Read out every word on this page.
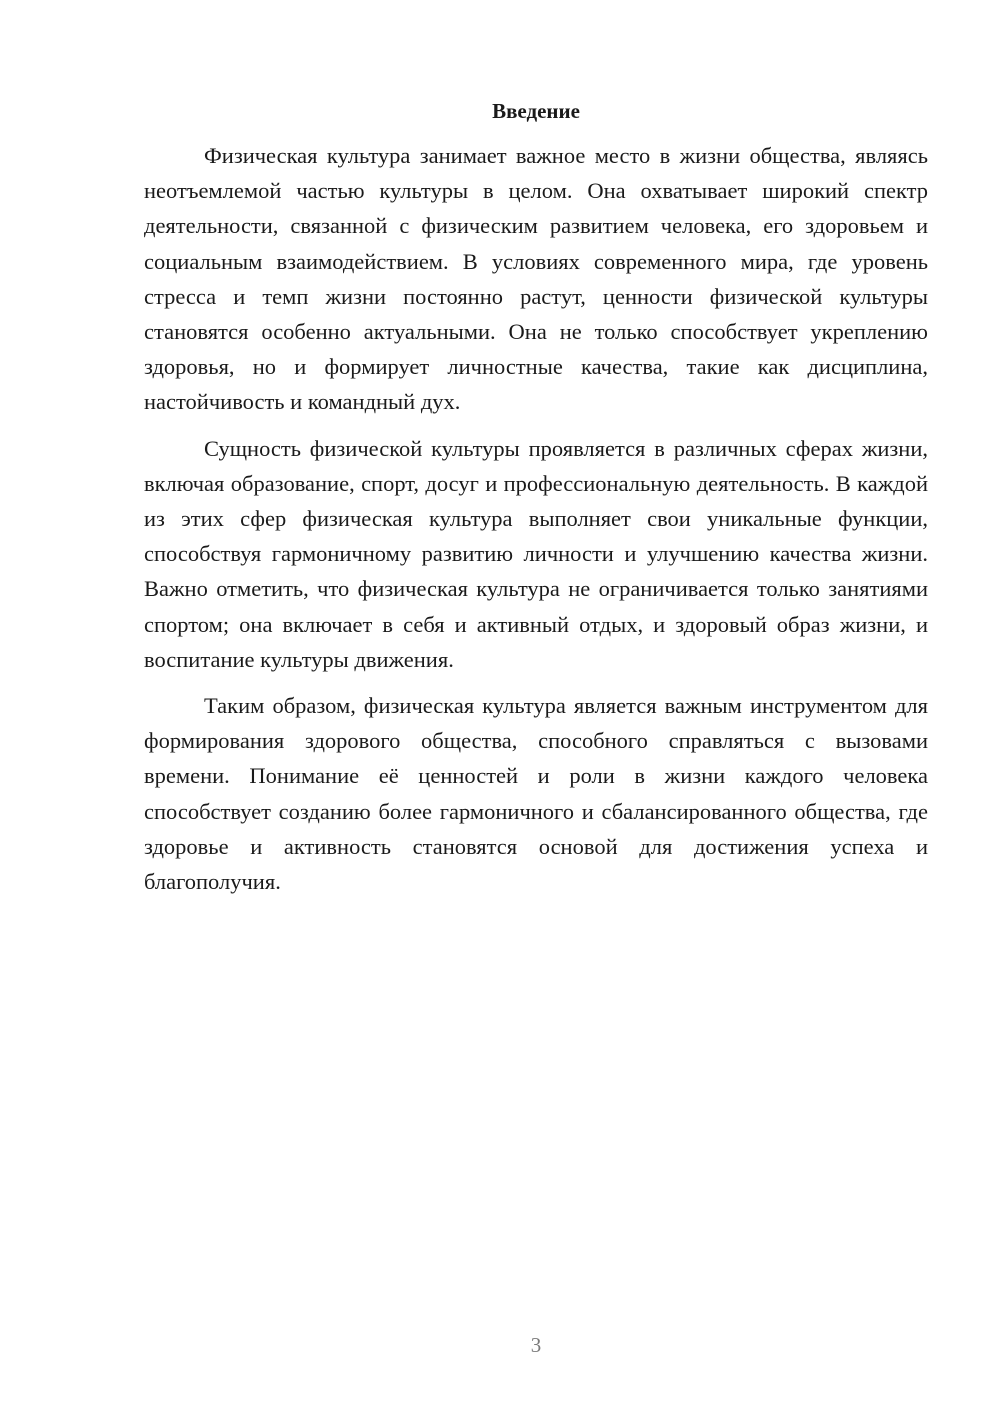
Введение

Физическая культура занимает важное место в жизни общества, являясь неотъемлемой частью культуры в целом. Она охватывает широкий спектр деятельности, связанной с физическим развитием человека, его здоровьем и социальным взаимодействием. В условиях современного мира, где уровень стресса и темп жизни постоянно растут, ценности физической культуры становятся особенно актуальными. Она не только способствует укреплению здоровья, но и формирует личностные качества, такие как дисциплина, настойчивость и командный дух.

Сущность физической культуры проявляется в различных сферах жизни, включая образование, спорт, досуг и профессиональную деятельность. В каждой из этих сфер физическая культура выполняет свои уникальные функции, способствуя гармоничному развитию личности и улучшению качества жизни. Важно отметить, что физическая культура не ограничивается только занятиями спортом; она включает в себя и активный отдых, и здоровый образ жизни, и воспитание культуры движения.

Таким образом, физическая культура является важным инструментом для формирования здорового общества, способного справляться с вызовами времени. Понимание её ценностей и роли в жизни каждого человека способствует созданию более гармоничного и сбалансированного общества, где здоровье и активность становятся основой для достижения успеха и благополучия.

3
